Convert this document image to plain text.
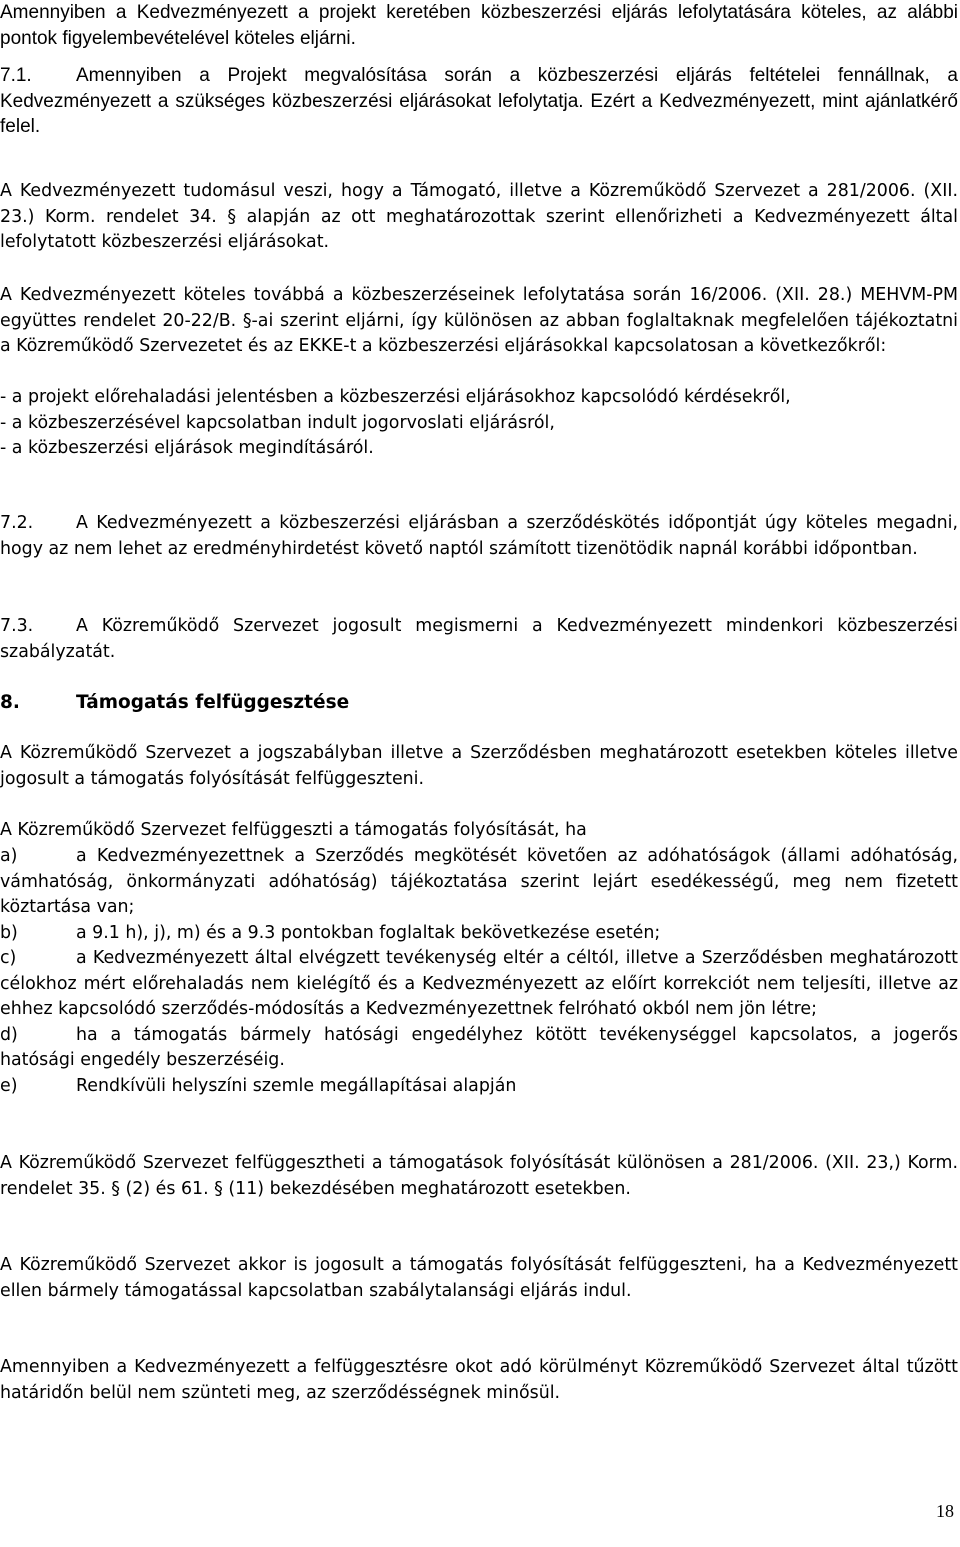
Amennyiben a Kedvezményezett a projekt keretében közbeszerzési eljárás lefolytatására köteles, az alábbi pontok figyelembevételével köteles eljárni.

7.1. Amennyiben a Projekt megvalósítása során a közbeszerzési eljárás feltételei fennállnak, a Kedvezményezett a szükséges közbeszerzési eljárásokat lefolytatja. Ezért a Kedvezményezett, mint ajánlatkérő felel.

A Kedvezményezett tudomásul veszi, hogy a Támogató, illetve a Közreműködő Szervezet a 281/2006. (XII. 23.) Korm. rendelet 34. § alapján az ott meghatározottak szerint ellenőrizheti a Kedvezményezett által lefolytatott közbeszerzési eljárásokat.

A Kedvezményezett köteles továbbá a közbeszerzéseinek lefolytatása során 16/2006. (XII. 28.) MEHVM-PM együttes rendelet 20-22/B. §-ai szerint eljárni, így különösen az abban foglaltaknak megfelelően tájékoztatni a Közreműködő Szervezetet és az EKKE-t a közbeszerzési eljárásokkal kapcsolatosan a következőkről:

- a projekt előrehaladási jelentésben a közbeszerzési eljárásokhoz kapcsolódó kérdésekről,
- a közbeszerzésével kapcsolatban indult jogorvoslati eljárásról,
- a közbeszerzési eljárások megindításáról.

7.2. A Kedvezményezett a közbeszerzési eljárásban a szerződéskötés időpontját úgy köteles megadni, hogy az nem lehet az eredményhirdetést követő naptól számított tizenötödik napnál korábbi időpontban.

7.3. A Közreműködő Szervezet jogosult megismerni a Kedvezményezett mindenkori közbeszerzési szabályzatát.

8.	Támogatás felfüggesztése

A Közreműködő Szervezet a jogszabályban illetve a Szerződésben meghatározott esetekben köteles illetve jogosult a támogatás folyósítását felfüggeszteni.

A Közreműködő Szervezet felfüggeszti a támogatás folyósítását, ha

a)	a Kedvezményezettnek a Szerződés megkötését követően az adóhatóságok (állami adóhatóság, vámhatóság, önkormányzati adóhatóság) tájékoztatása szerint lejárt esedékességű, meg nem fizetett köztartása van;
b)	a 9.1 h), j), m) és a 9.3 pontokban foglaltak bekövetkezése esetén;
c)	a Kedvezményezett által elvégzett tevékenység eltér a céltól, illetve a Szerződésben meghatározott célokhoz mért előrehaladás nem kielégítő és a Kedvezményezett az előírt korrekciót nem teljesíti, illetve az ehhez kapcsolódó szerződés-módosítás a Kedvezményezettnek felróható okból nem jön létre;
d)	ha a támogatás bármely hatósági engedélyhez kötött tevékenységgel kapcsolatos, a jogerős hatósági engedély beszerzéséig.
e)	Rendkívüli helyszíni szemle megállapításai alapján

A Közreműködő Szervezet felfüggesztheti a támogatások folyósítását különösen a 281/2006. (XII. 23,) Korm. rendelet 35. § (2) és 61. § (11) bekezdésében meghatározott esetekben.

A Közreműködő Szervezet akkor is jogosult a támogatás folyósítását felfüggeszteni, ha a Kedvezményezett ellen bármely támogatással kapcsolatban szabálytalansági eljárás indul.

Amennyiben a Kedvezményezett a felfüggesztésre okot adó körülményt Közreműködő Szervezet által tűzött határidőn belül nem szünteti meg, az szerződésségnek minősül.

18
